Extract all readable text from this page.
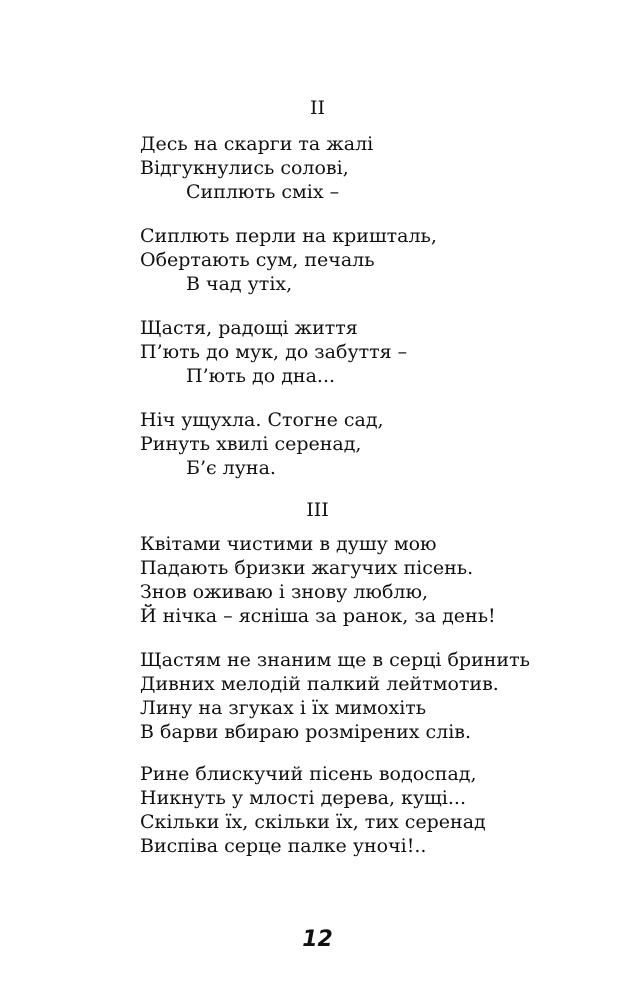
II
Десь на скарги та жалі
Відгукнулись солові,
Сиплють сміх –
Сиплють перли на кришталь,
Обертають сум, печаль
В чад утіх,
Щастя, радощі життя
П’ють до мук, до забуття –
П’ють до дна...
Ніч ущухла. Стогне сад,
Ринуть хвилі серенад,
Б’є луна.
III
Квітами чистими в душу мою
Падають бризки жагучих пісень.
Знов оживаю і знову люблю,
Й нічка – ясніша за ранок, за день!
Щастям не знаним ще в серці бринить
Дивних мелодій палкий лейтмотив.
Лину на згуках і їх мимохіть
В барви вбираю розмірених слів.
Рине блискучий пісень водоспад,
Никнуть у млості дерева, кущі...
Скільки їх, скільки їх, тих серенад
Виспіва серце палке уночі!..
12
